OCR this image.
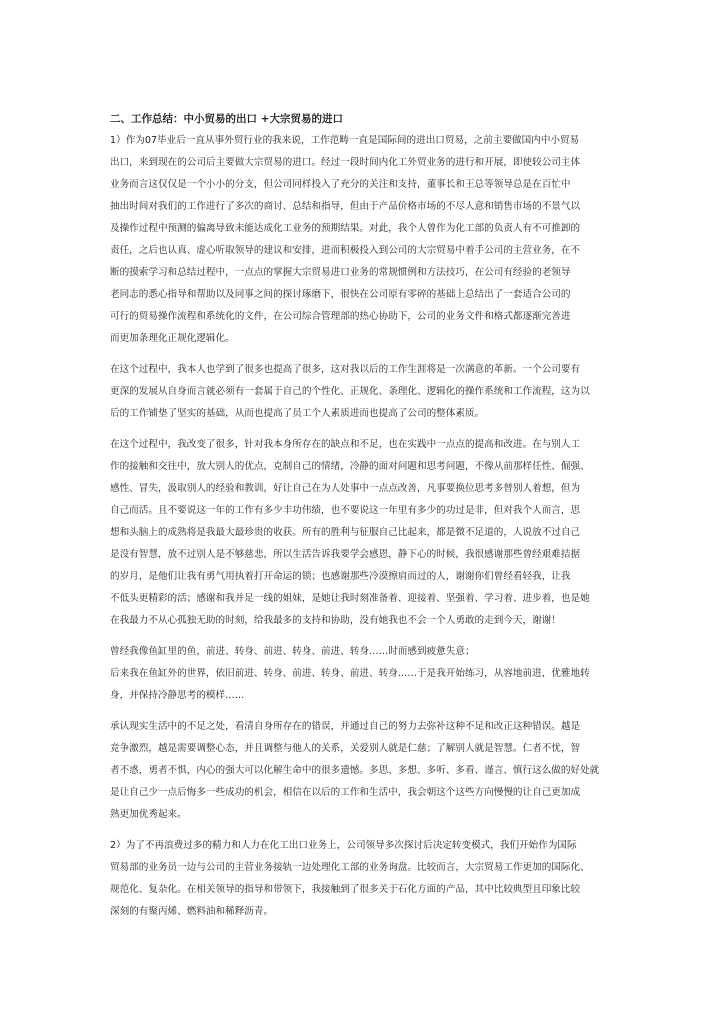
二、工作总结：中小贸易的出口 +大宗贸易的进口
1）作为07毕业后一直从事外贸行业的我来说，工作范畴一直是国际间的进出口贸易，之前主要做国内中小贸易
出口，来到现在的公司后主要做大宗贸易的进口。经过一段时间内化工外贸业务的进行和开展，即使较公司主体
业务而言这仅仅是一个小小的分支，但公司同样投入了充分的关注和支持，董事长和王总等领导总是在百忙中
抽出时间对我们的工作进行了多次的商讨、总结和指导，但由于产品价格市场的不尽人意和销售市场的不景气以
及操作过程中预测的偏离导致未能达成化工业务的预期结果。对此，我个人曾作为化工部的负责人有不可推卸的
责任，之后也认真、虚心听取领导的建议和安排，进而积极投入到公司的大宗贸易中着手公司的主营业务，在不
断的摸索学习和总结过程中，一点点的掌握大宗贸易进口业务的常规惯例和方法技巧，在公司有经验的老领导
老同志的悉心指导和帮助以及同事之间的探讨琢磨下，很快在公司原有零碎的基础上总结出了一套适合公司的
可行的贸易操作流程和系统化的文件，在公司综合管理部的热心协助下，公司的业务文件和格式都逐渐完善进
而更加条理化正规化逻辑化。
在这个过程中，我本人也学到了很多也提高了很多，这对我以后的工作生涯将是一次满意的革新。一个公司要有
更深的发展从自身而言就必须有一套属于自己的个性化、正规化、条理化、逻辑化的操作系统和工作流程，这为以
后的工作铺垫了坚实的基础，从而也提高了员工个人素质进而也提高了公司的整体素质。
在这个过程中，我改变了很多，针对我本身所存在的缺点和不足，也在实践中一点点的提高和改进。在与别人工
作的接触和交往中，放大别人的优点，克制自己的情绪，冷静的面对问题和思考问题，不像从前那样任性、倔强、
感性、冒失，汲取别人的经验和教训，好让自己在为人处事中一点点改善，凡事要换位思考多替别人着想，但为
自己而活。且不要说这一年的工作有多少丰功伟绩，也不要说这一年里有多少的功过是非，但对我个人而言，思
想和头脑上的成熟将是我最大最珍贵的收获。所有的胜利与征服自己比起来，都是微不足道的，人说放不过自己
是没有智慧，放不过别人是不够慈悲，所以生活告诉我要学会感恩，静下心的时候，我很感谢那些曾经艰难拮据
的岁月，是他们让我有勇气用执着打开命运的锁；也感谢那些冷漠擦肩而过的人，谢谢你们曾经看轻我，让我
不低头更精彩的活；感谢和我并足一线的姐妹，是她让我时刻准备着、迎接着、坚强着、学习着、进步着，也是她
在我最力不从心孤独无助的时刻，给我最多的支持和协助，没有她我也不会一个人勇敢的走到今天，谢谢！
曾经我像鱼缸里的鱼，前进、转身、前进、转身、前进、转身……时而感到疲惫失意；
后来我在鱼缸外的世界，依旧前进、转身、前进、转身、前进、转身……于是我开始练习，从容地前进，优雅地转
身，并保持冷静思考的模样……
承认现实生活中的不足之处，看清自身所存在的错误，并通过自己的努力去弥补这种不足和改正这种错误。越是
竞争激烈，越是需要调整心态，并且调整与他人的关系，关爱别人就是仁慈；了解别人就是智慧。仁者不忧，智
者不惑，勇者不惧，内心的强大可以化解生命中的很多遗憾。多思、多想、多听、多看、谨言、慎行这么做的好处就
是让自己少一点后悔多一些成功的机会，相信在以后的工作和生活中，我会朝这个这些方向慢慢的让自己更加成
熟更加优秀起来。
2）为了不再浪费过多的精力和人力在化工出口业务上，公司领导多次探讨后决定转变模式，我们开始作为国际
贸易部的业务员一边与公司的主营业务接轨一边处理化工部的业务询盘。比较而言，大宗贸易工作更加的国际化、
规范化、复杂化。在相关领导的指导和带领下，我接触到了很多关于石化方面的产品，其中比较典型且印象比较
深刻的有聚丙烯、燃料油和稀释沥青。
